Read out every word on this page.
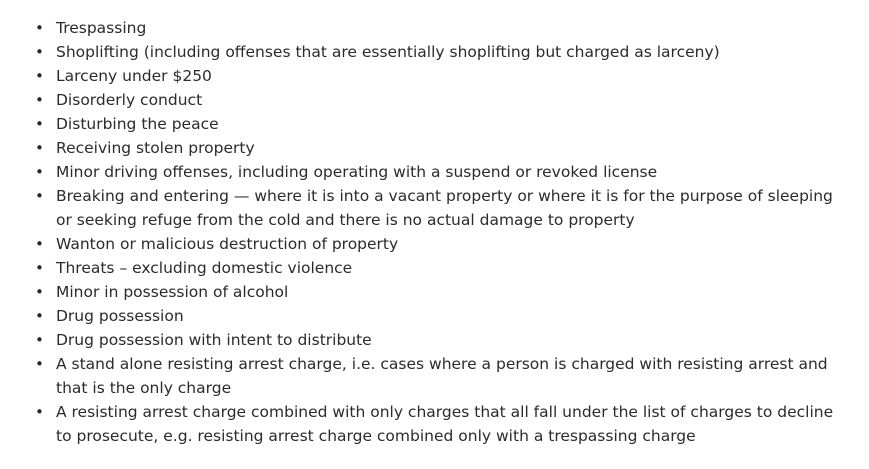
• Trespassing
• Shoplifting (including offenses that are essentially shoplifting but charged as larceny)
• Larceny under $250
• Disorderly conduct
• Disturbing the peace
• Receiving stolen property
• Minor driving offenses, including operating with a suspend or revoked license
• Breaking and entering — where it is into a vacant property or where it is for the purpose of sleeping or seeking refuge from the cold and there is no actual damage to property
• Wanton or malicious destruction of property
• Threats – excluding domestic violence
• Minor in possession of alcohol
• Drug possession
• Drug possession with intent to distribute
• A stand alone resisting arrest charge, i.e. cases where a person is charged with resisting arrest and that is the only charge
• A resisting arrest charge combined with only charges that all fall under the list of charges to decline to prosecute, e.g. resisting arrest charge combined only with a trespassing charge
